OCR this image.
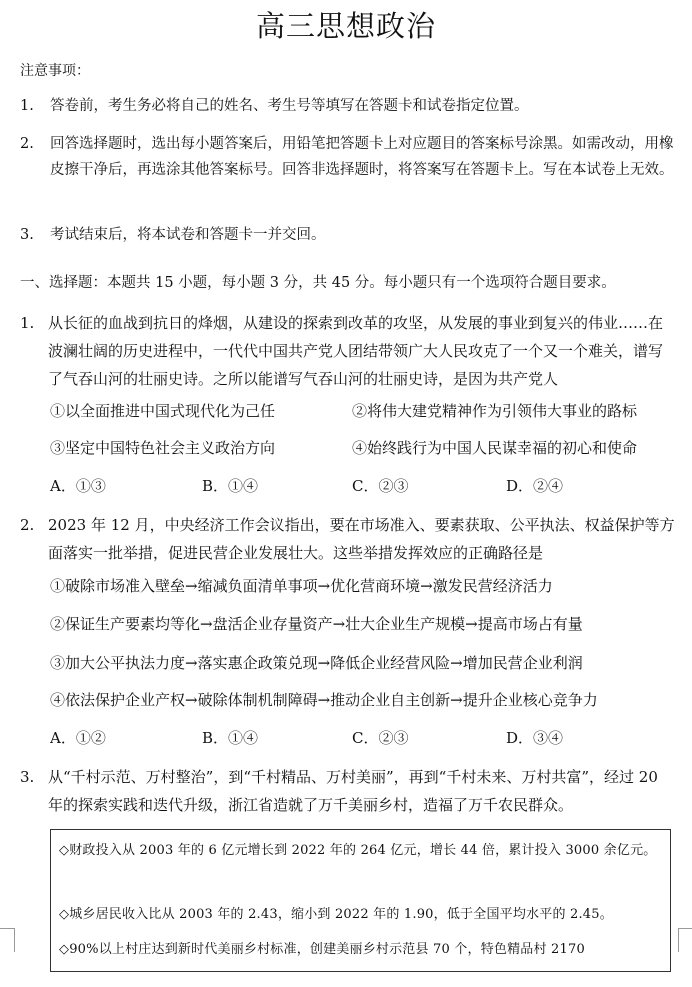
高三思想政治
注意事项：
1. 答卷前，考生务必将自己的姓名、考生号等填写在答题卡和试卷指定位置。
2. 回答选择题时，选出每小题答案后，用铅笔把答题卡上对应题目的答案标号涂黑。如需改动，用橡皮擦干净后，再选涂其他答案标号。回答非选择题时，将答案写在答题卡上。写在本试卷上无效。
3. 考试结束后，将本试卷和答题卡一并交回。
一、选择题：本题共 15 小题，每小题 3 分，共 45 分。每小题只有一个选项符合题目要求。
1. 从长征的血战到抗日的烽烟，从建设的探索到改革的攻坚，从发展的事业到复兴的伟业……在波澜壮阔的历史进程中，一代代中国共产党人团结带领广大人民攻克了一个又一个难关，谱写了气吞山河的壮丽史诗。之所以能谱写气吞山河的壮丽史诗，是因为共产党人
①以全面推进中国式现代化为己任	②将伟大建党精神作为引领伟大事业的路标
③坚定中国特色社会主义政治方向	④始终践行为中国人民谋幸福的初心和使命
A．①③	B．①④	C．②③	D．②④
2. 2023 年 12 月，中央经济工作会议指出，要在市场准入、要素获取、公平执法、权益保护等方面落实一批举措，促进民营企业发展壮大。这些举措发挥效应的正确路径是
①破除市场准入壁垒→缩减负面清单事项→优化营商环境→激发民营经济活力
②保证生产要素均等化→盘活企业存量资产→壮大企业生产规模→提高市场占有量
③加大公平执法力度→落实惠企政策兑现→降低企业经营风险→增加民营企业利润
④依法保护企业产权→破除体制机制障碍→推动企业自主创新→提升企业核心竞争力
A．①②	B．①④	C．②③	D．③④
3. 从“千村示范、万村整治”，到“千村精品、万村美丽”，再到“千村未来、万村共富”，经过 20 年的探索实践和迭代升级，浙江省造就了万千美丽乡村，造福了万千农民群众。

◇财政投入从 2003 年的 6 亿元增长到 2022 年的 264 亿元，增长 44 倍，累计投入 3000 余亿元。

◇城乡居民收入比从 2003 年的 2.43，缩小到 2022 年的 1.90，低于全国平均水平的 2.45。

◇90%以上村庄达到新时代美丽乡村标准，创建美丽乡村示范县 70 个，特色精品村 2170
